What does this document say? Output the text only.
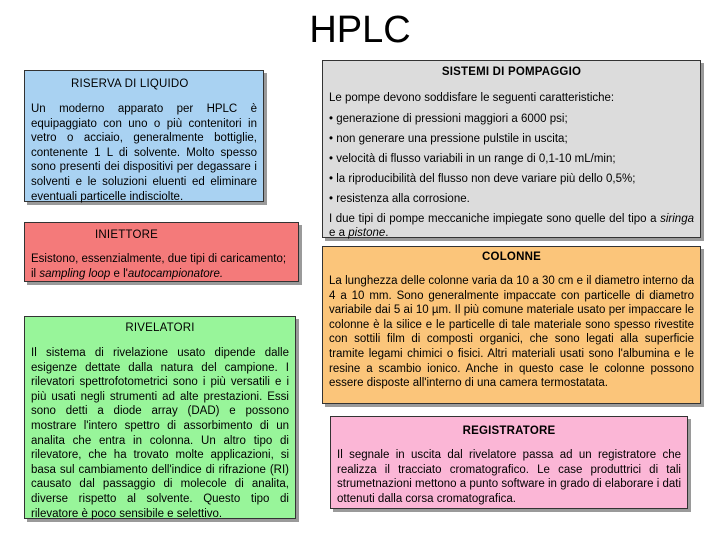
HPLC
RISERVA DI LIQUIDO
Un moderno apparato per HPLC è equipaggiato con uno o più contenitori in vetro o acciaio, generalmente bottiglie, contenente 1 L di solvente. Molto spesso sono presenti dei dispositivi per degassare i solventi e le soluzioni eluenti ed eliminare eventuali particelle indisciolte.
INIETTORE
Esistono, essenzialmente, due tipi di caricamento; il sampling loop e l'autocampionatore.
RIVELATORI
Il sistema di rivelazione usato dipende dalle esigenze dettate dalla natura del campione. I rilevatori spettrofotometrici sono i più versatili e i più usati negli strumenti ad alte prestazioni. Essi sono detti a diode array (DAD) e possono mostrare l'intero spettro di assorbimento di un analita che entra in colonna. Un altro tipo di rilevatore, che ha trovato molte applicazioni, si basa sul cambiamento dell'indice di rifrazione (RI) causato dal passaggio di molecole di analita, diverse rispetto al solvente. Questo tipo di rilevatore è poco sensibile e selettivo.
SISTEMI DI POMPAGGIO
Le pompe devono soddisfare le seguenti caratteristiche:
• generazione di pressioni maggiori a 6000 psi;
• non generare una pressione pulstile in uscita;
• velocità di flusso variabili in un range di 0,1-10 mL/min;
• la riproducibilità del flusso non deve variare più dello 0,5%;
• resistenza alla corrosione.
I due tipi di pompe meccaniche impiegate sono quelle del tipo a siringa e a pistone.
COLONNE
La lunghezza delle colonne varia da 10 a 30 cm e il diametro interno da 4 a 10 mm. Sono generalmente impaccate con particelle di diametro variabile dai 5 ai 10 µm. Il più comune materiale usato per impaccare le colonne è la silice e le particelle di tale materiale sono spesso rivestite con sottili film di composti organici, che sono legati alla superficie tramite legami chimici o fisici. Altri materiali usati sono l'albumina e le resine a scambio ionico. Anche in questo case le colonne possono essere disposte all'interno di una camera termostatata.
REGISTRATORE
Il segnale in uscita dal rivelatore passa ad un registratore che realizza il tracciato cromatografico. Le case produttrici di tali strumetnazioni mettono a punto software in grado di elaborare i dati ottenuti dalla corsa cromatografica.
